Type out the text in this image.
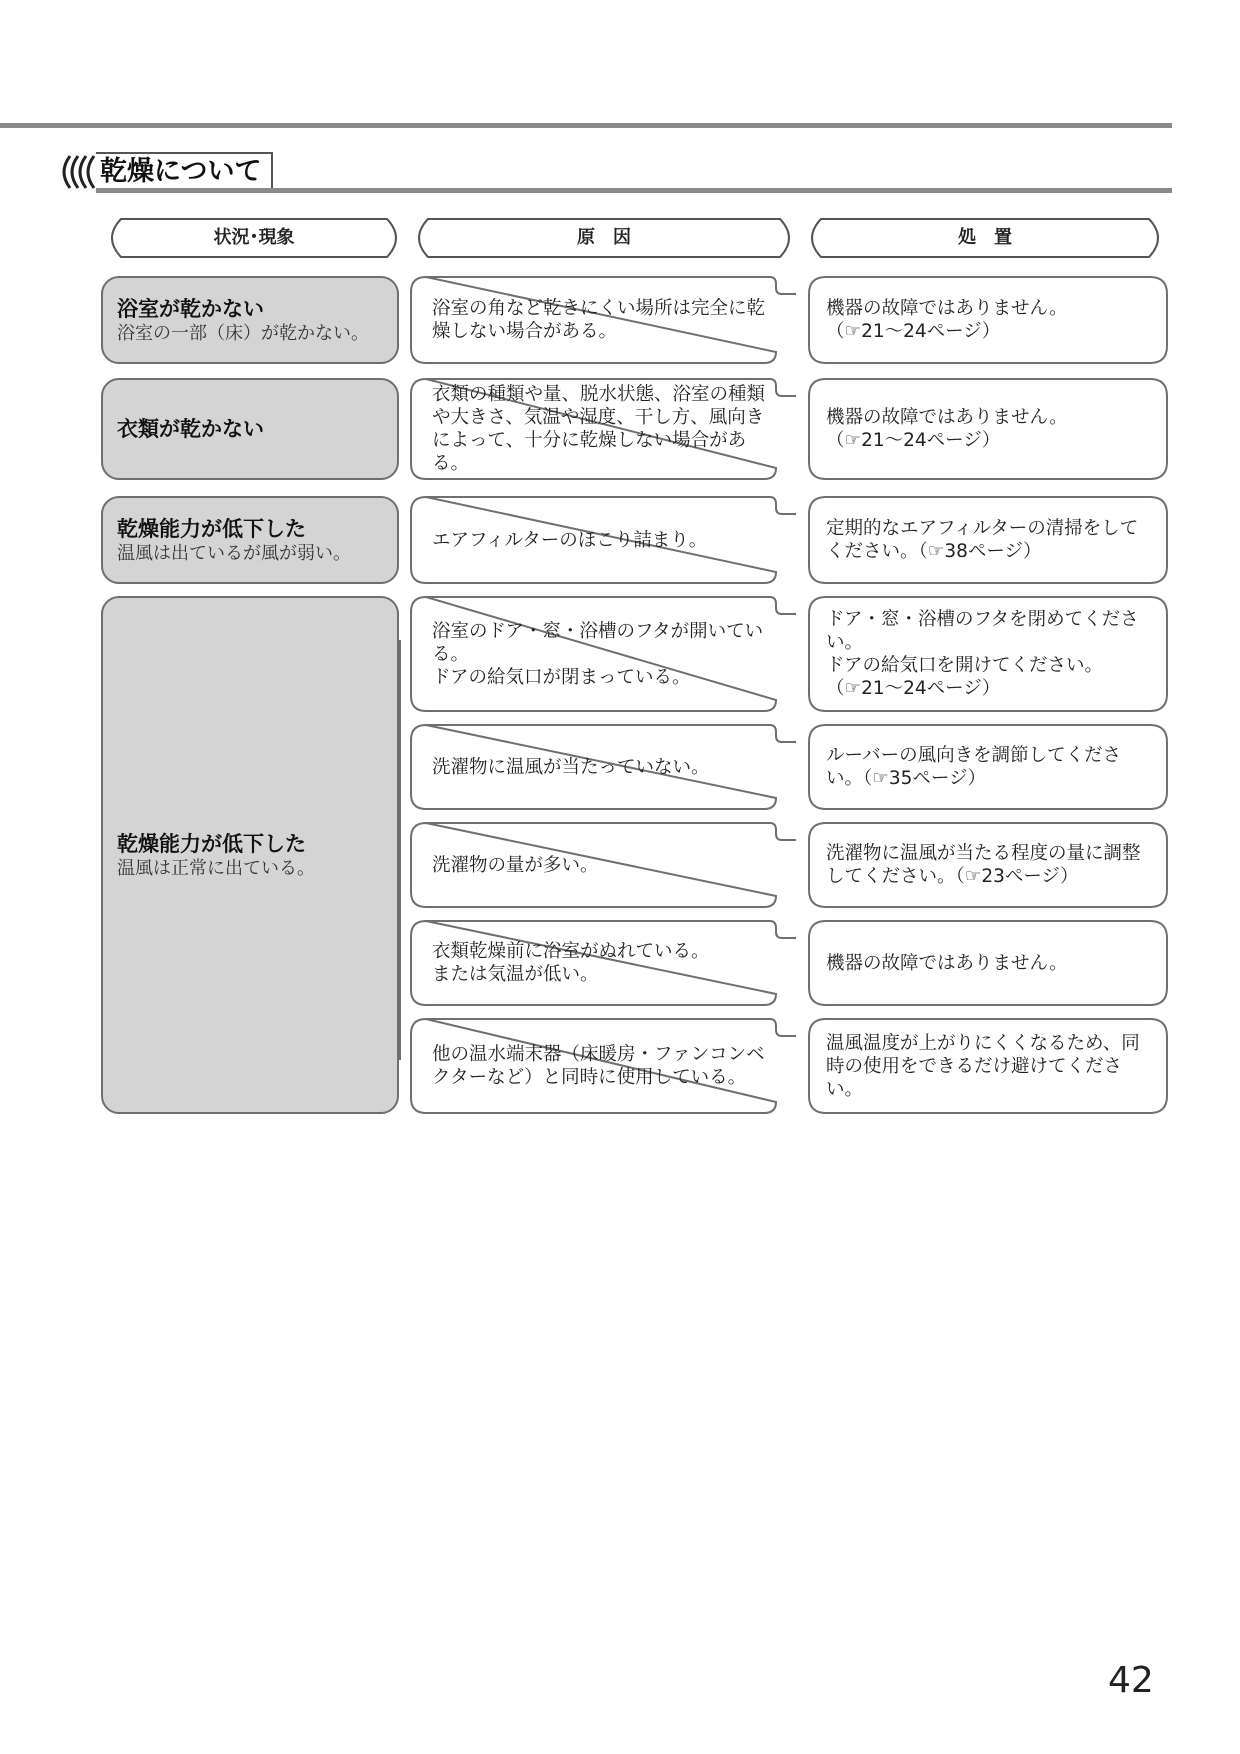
乾燥について
状況･現象	原　因	処　置
浴室が乾かない
浴室の一部（床）が乾かない。
浴室の角など乾きにくい場所は完全に乾燥しない場合がある。
機器の故障ではありません。
（☞21～24ページ）
衣類が乾かない
衣類の種類や量、脱水状態、浴室の種類や大きさ、気温や湿度、干し方、風向きによって、十分に乾燥しない場合がある。
機器の故障ではありません。
（☞21～24ページ）
乾燥能力が低下した
温風は出ているが風が弱い。
エアフィルターのほこり詰まり。
定期的なエアフィルターの清掃をしてください。（☞38ページ）
乾燥能力が低下した
温風は正常に出ている。
浴室のドア・窓・浴槽のフタが開いている。
ドアの給気口が閉まっている。
ドア・窓・浴槽のフタを閉めてください。
ドアの給気口を開けてください。
（☞21～24ページ）
洗濯物に温風が当たっていない。
ルーバーの風向きを調節してください。（☞35ページ）
洗濯物の量が多い。
洗濯物に温風が当たる程度の量に調整してください。（☞23ページ）
衣類乾燥前に浴室がぬれている。
または気温が低い。
機器の故障ではありません。
他の温水端末器（床暖房・ファンコンベクターなど）と同時に使用している。
温風温度が上がりにくくなるため、同時の使用をできるだけ避けてください。
42
